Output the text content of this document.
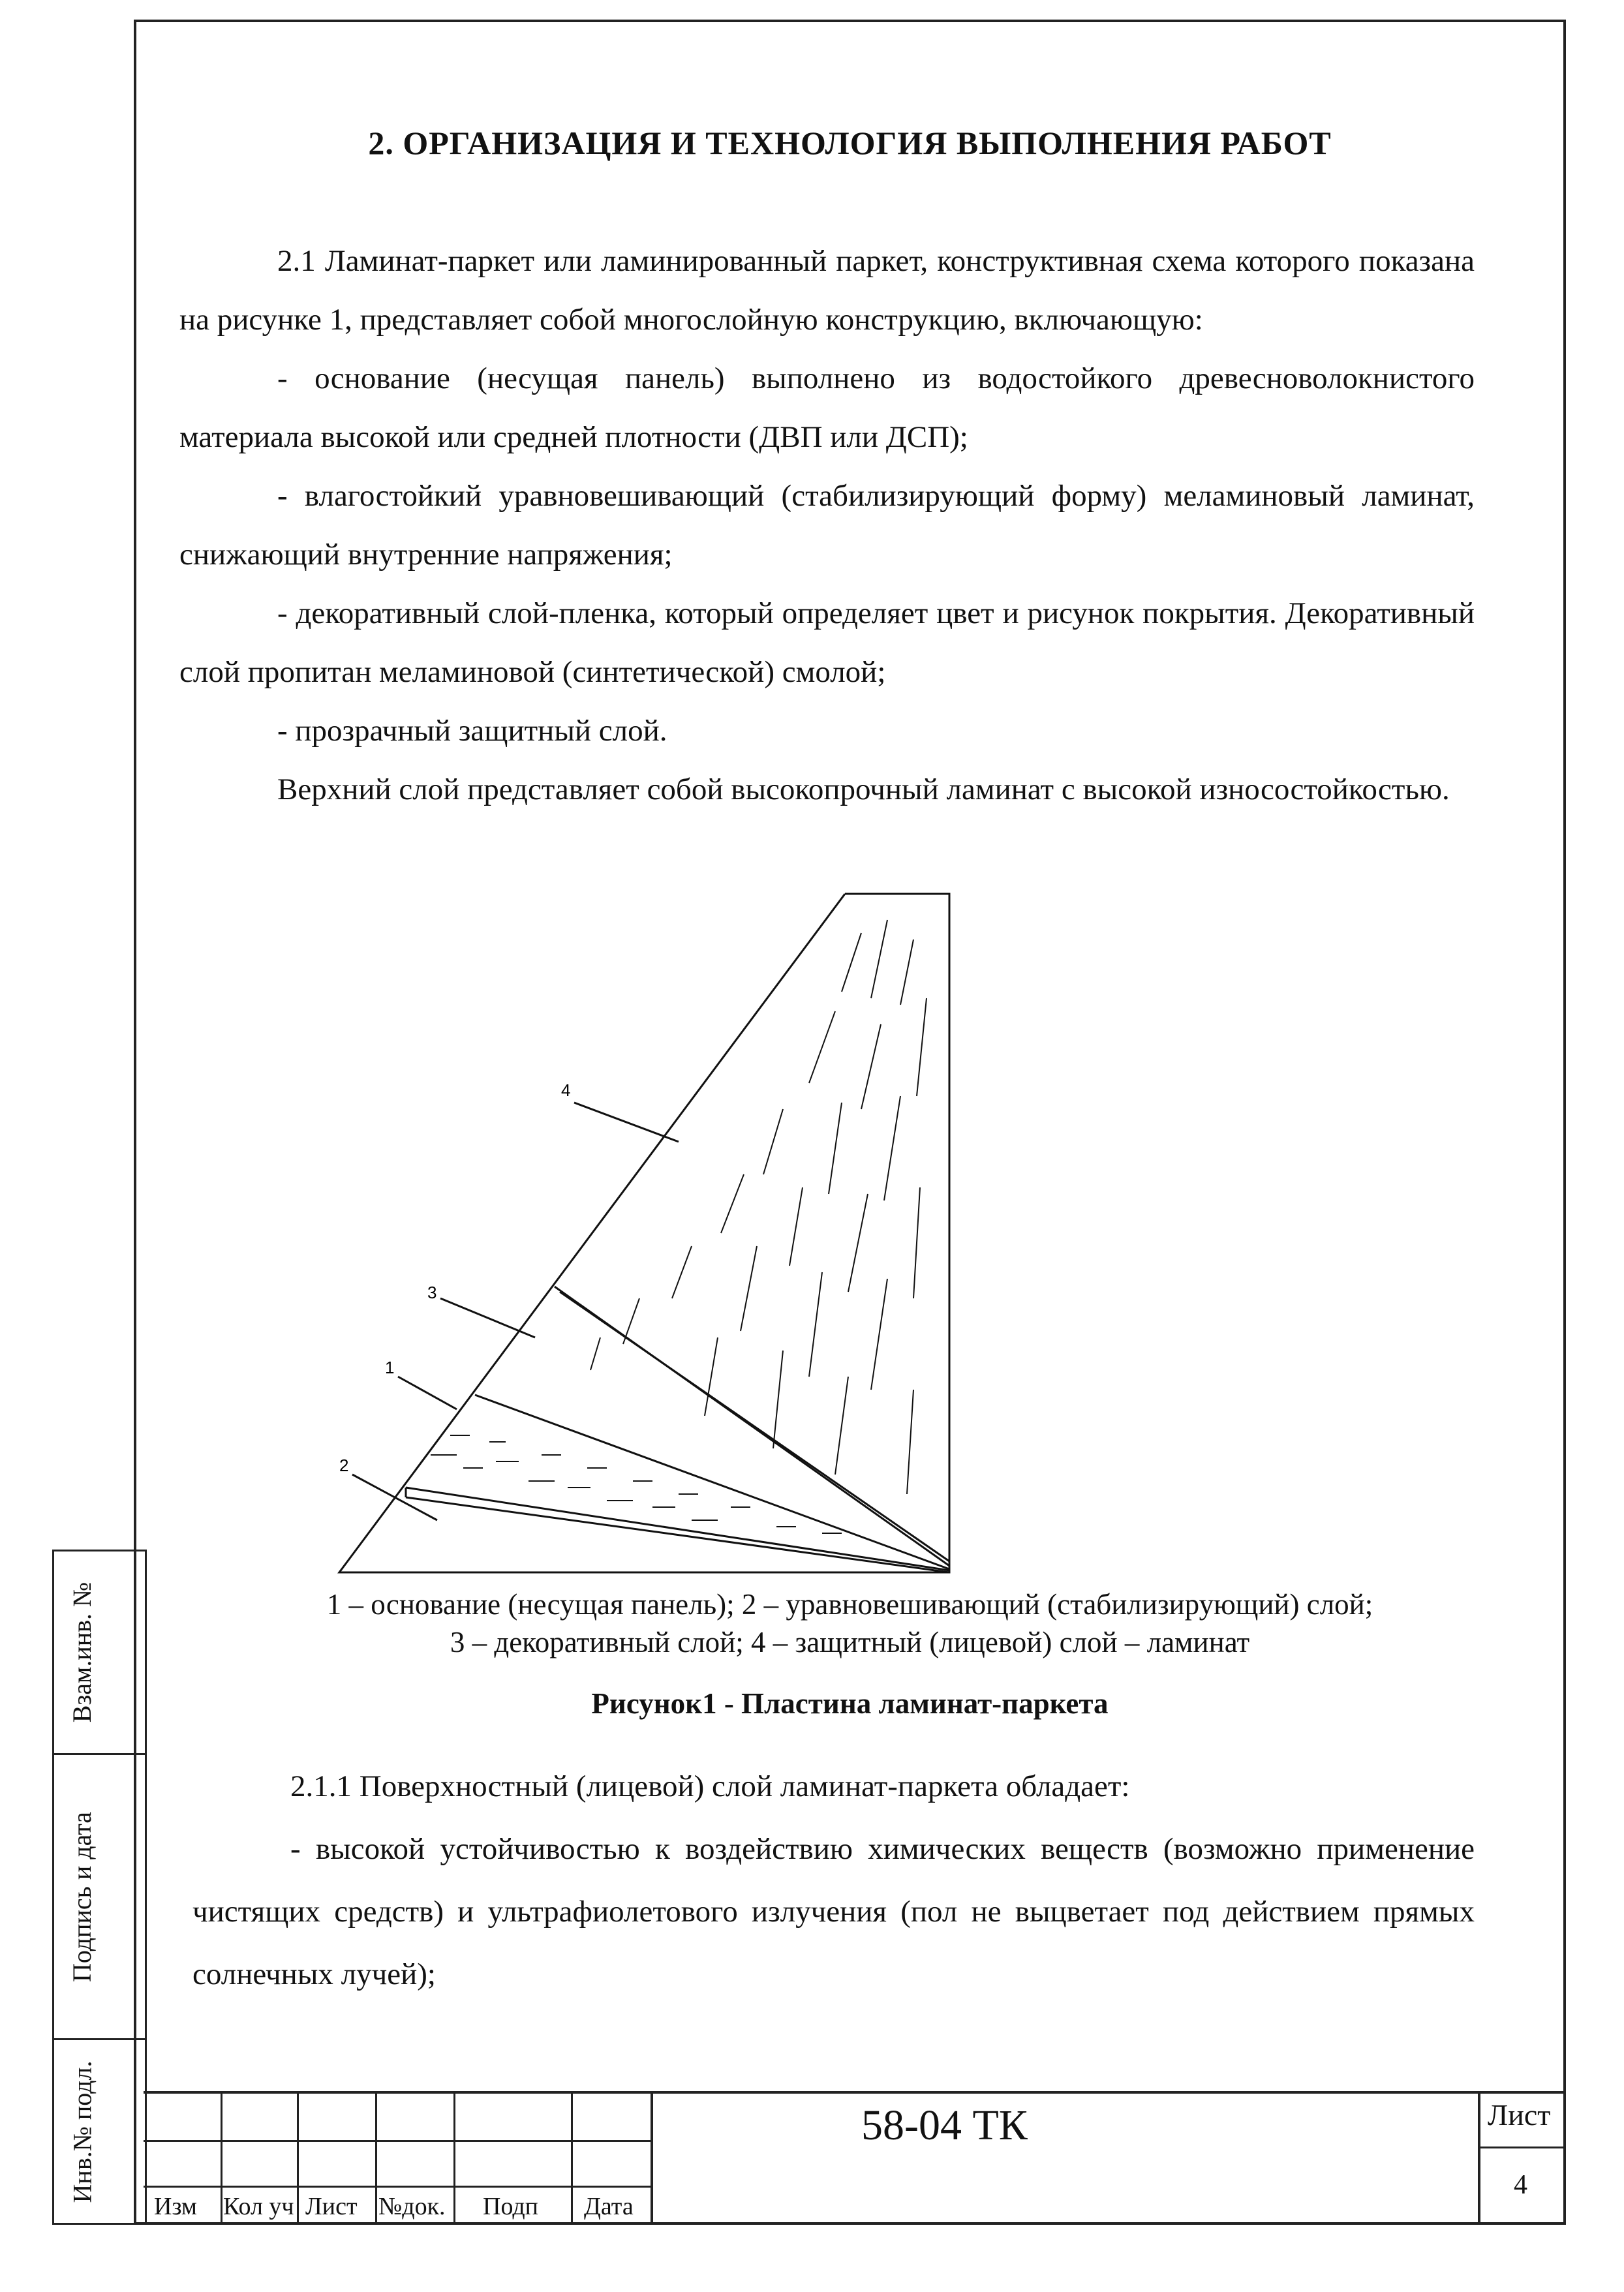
2. ОРГАНИЗАЦИЯ И ТЕХНОЛОГИЯ ВЫПОЛНЕНИЯ РАБОТ

2.1 Ламинат-паркет или ламинированный паркет, конструктивная схема которого показана на рисунке 1, представляет собой многослойную конструкцию, включающую:

- основание (несущая панель) выполнено из водостойкого древесноволокнистого материала высокой или средней плотности (ДВП или ДСП);

- влагостойкий уравновешивающий (стабилизирующий форму) меламиновый ламинат, снижающий внутренние напряжения;

- декоративный слой-пленка, который определяет цвет и рисунок покрытия. Декоративный слой пропитан меламиновой (синтетической) смолой;

- прозрачный защитный слой.

Верхний слой представляет собой высокопрочный ламинат с высокой износостойкостью.

4
3
1
2
1 – основание (несущая панель); 2 – уравновешивающий (стабилизирующий) слой;
3 – декоративный слой; 4 – защитный (лицевой) слой – ламинат
Рисунок1 - Пластина ламинат-паркета

2.1.1 Поверхностный (лицевой) слой ламинат-паркета обладает:

- высокой устойчивостью к воздействию химических веществ (возможно применение чистящих средств) и ультрафиолетового излучения (пол не выцветает под действием прямых солнечных лучей);

Взам.инв. №
Подпись и дата
Инв.№ подл.
Изм Кол уч Лист №док. Подп Дата
58-04 ТК	Лист
4
